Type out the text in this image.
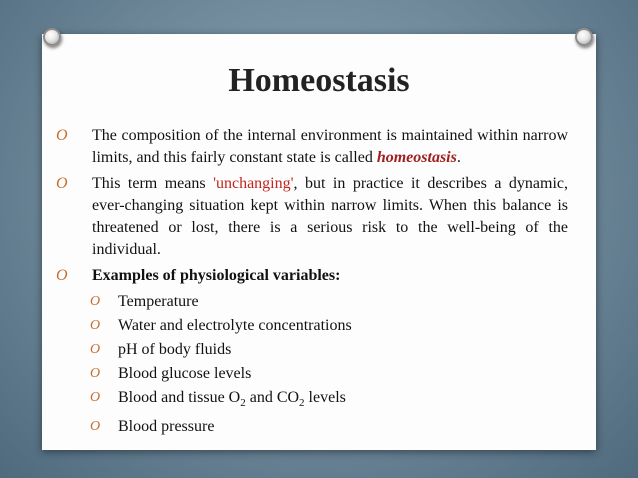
Homeostasis
O The composition of the internal environment is maintained within narrow limits, and this fairly constant state is called homeostasis.
O This term means 'unchanging', but in practice it describes a dynamic, ever-changing situation kept within narrow limits. When this balance is threatened or lost, there is a serious risk to the well-being of the individual.
O Examples of physiological variables:
O Temperature
O Water and electrolyte concentrations
O pH of body fluids
O Blood glucose levels
O Blood and tissue $O_2$ and $CO_2$ levels
O Blood pressure
